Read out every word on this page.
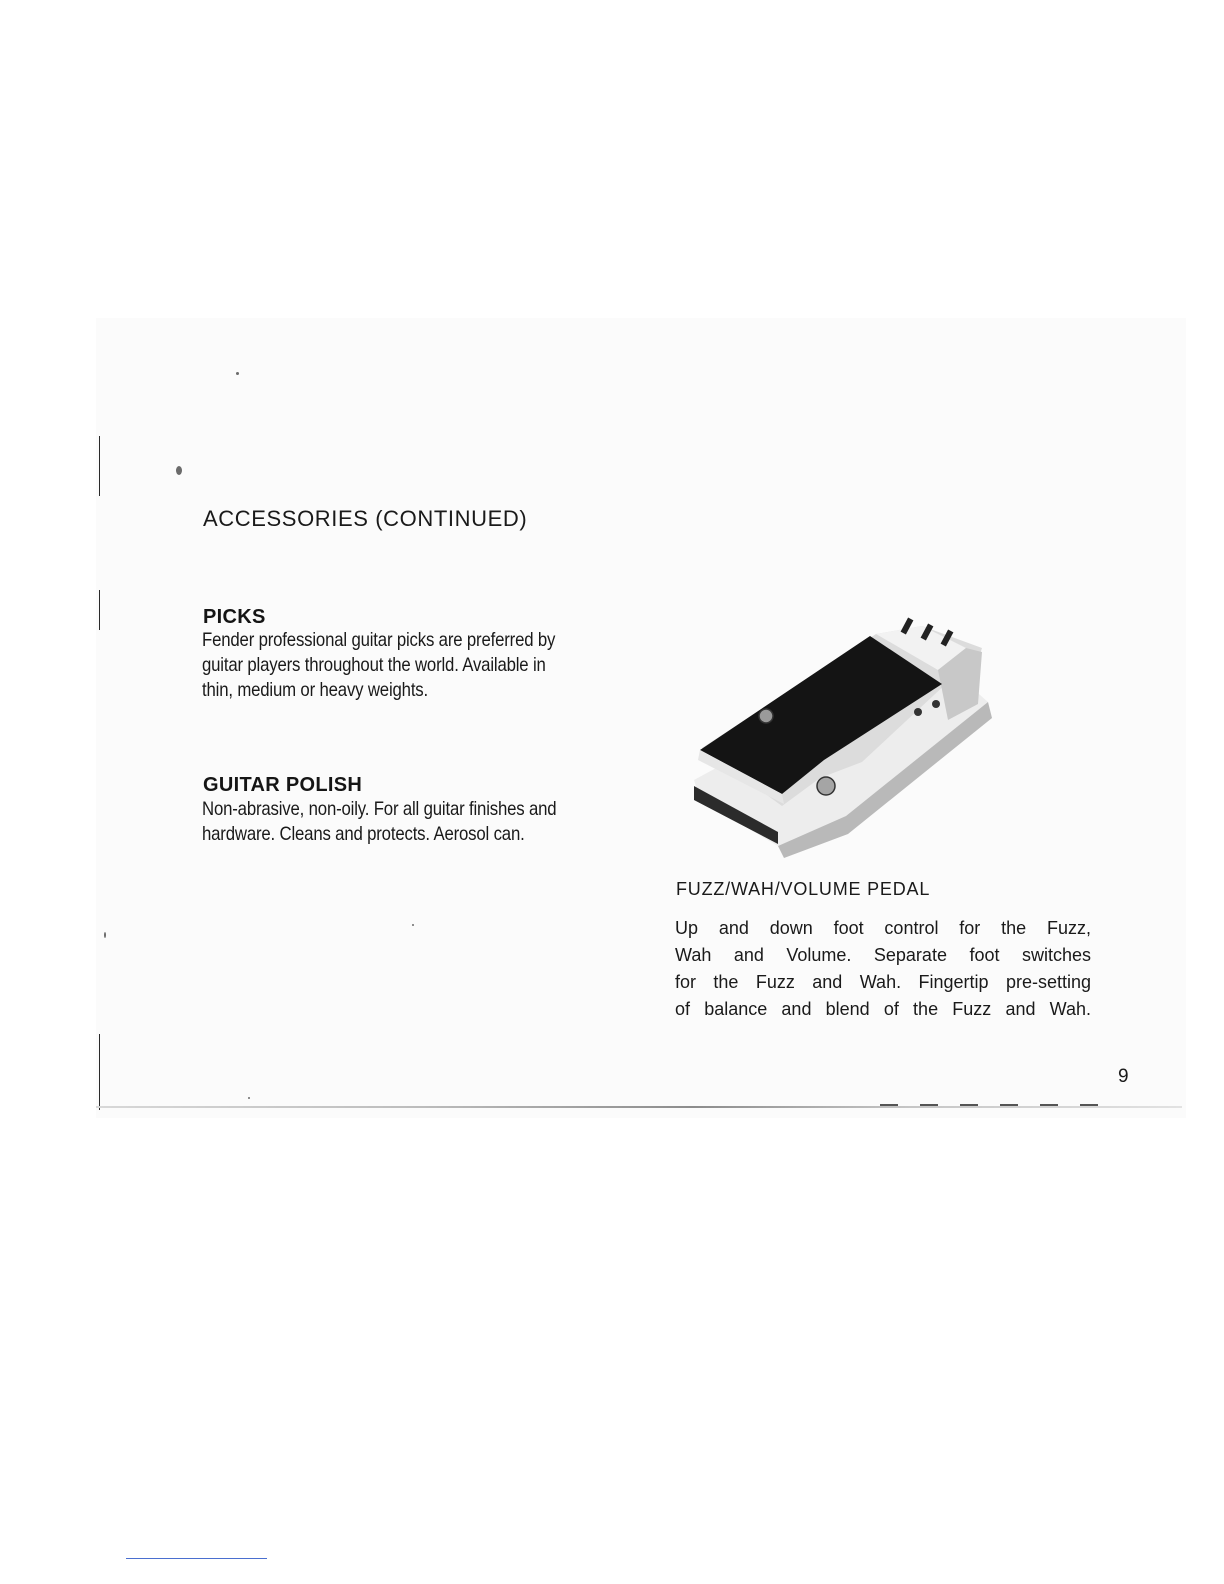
ACCESSORIES (CONTINUED)
PICKS

Fender professional guitar picks are preferred by
guitar players throughout the world. Available in
thin, medium or heavy weights.

GUITAR POLISH

Non-abrasive, non-oily. For all guitar finishes and
hardware. Cleans and protects. Aerosol can.

FUZZ/WAH/VOLUME PEDAL

Up and down foot control for the Fuzz,
Wah and Volume. Separate foot switches
for the Fuzz and Wah. Fingertip pre-setting
of balance and blend of the Fuzz and Wah.

9
